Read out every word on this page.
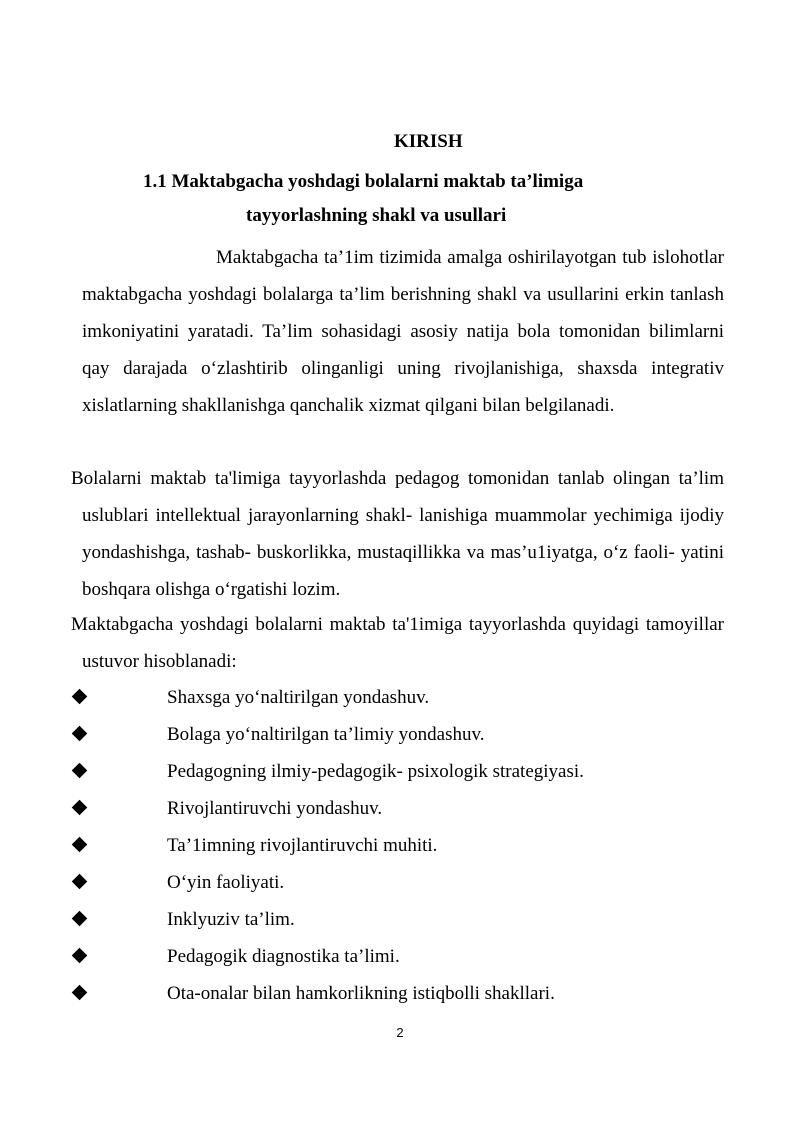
KIRISH
1.1 Maktabgacha yoshdagi bolalarni maktab ta’limiga
tayyorlashning shakl va usullari

Maktabgacha ta’1im tizimida amalga oshirilayotgan tub islohotlar maktabgacha yoshdagi bolalarga ta’lim berishning shakl va usullarini erkin tanlash imkoniyatini yaratadi. Ta’lim sohasidagi asosiy natija bola tomonidan bilimlarni qay darajada o‘zlashtirib olinganligi uning rivojlanishiga, shaxsda integrativ xislatlarning shakllanishga qanchalik xizmat qilgani bilan belgilanadi.

Bolalarni maktab ta'limiga tayyorlashda pedagog tomonidan tanlab olingan ta’lim uslublari intellektual jarayonlarning shakl- lanishiga muammolar yechimiga ijodiy yondashishga, tashab- buskorlikka, mustaqillikka va mas’u1iyatga, o‘z faoli- yatini boshqara olishga o‘rgatishi lozim.

Maktabgacha yoshdagi bolalarni maktab ta'1imiga tayyorlashda quyidagi tamoyillar ustuvor hisoblanadi:

Shaxsga yo‘naltirilgan yondashuv.
Bolaga yo‘naltirilgan ta’limiy yondashuv.
Pedagogning ilmiy-pedagogik- psixologik strategiyasi.
Rivojlantiruvchi yondashuv.
Ta’1imning rivojlantiruvchi muhiti.
O‘yin faoliyati.
Inklyuziv ta’lim.
Pedagogik diagnostika ta’limi.
Ota-onalar bilan hamkorlikning istiqbolli shakllari.
2
